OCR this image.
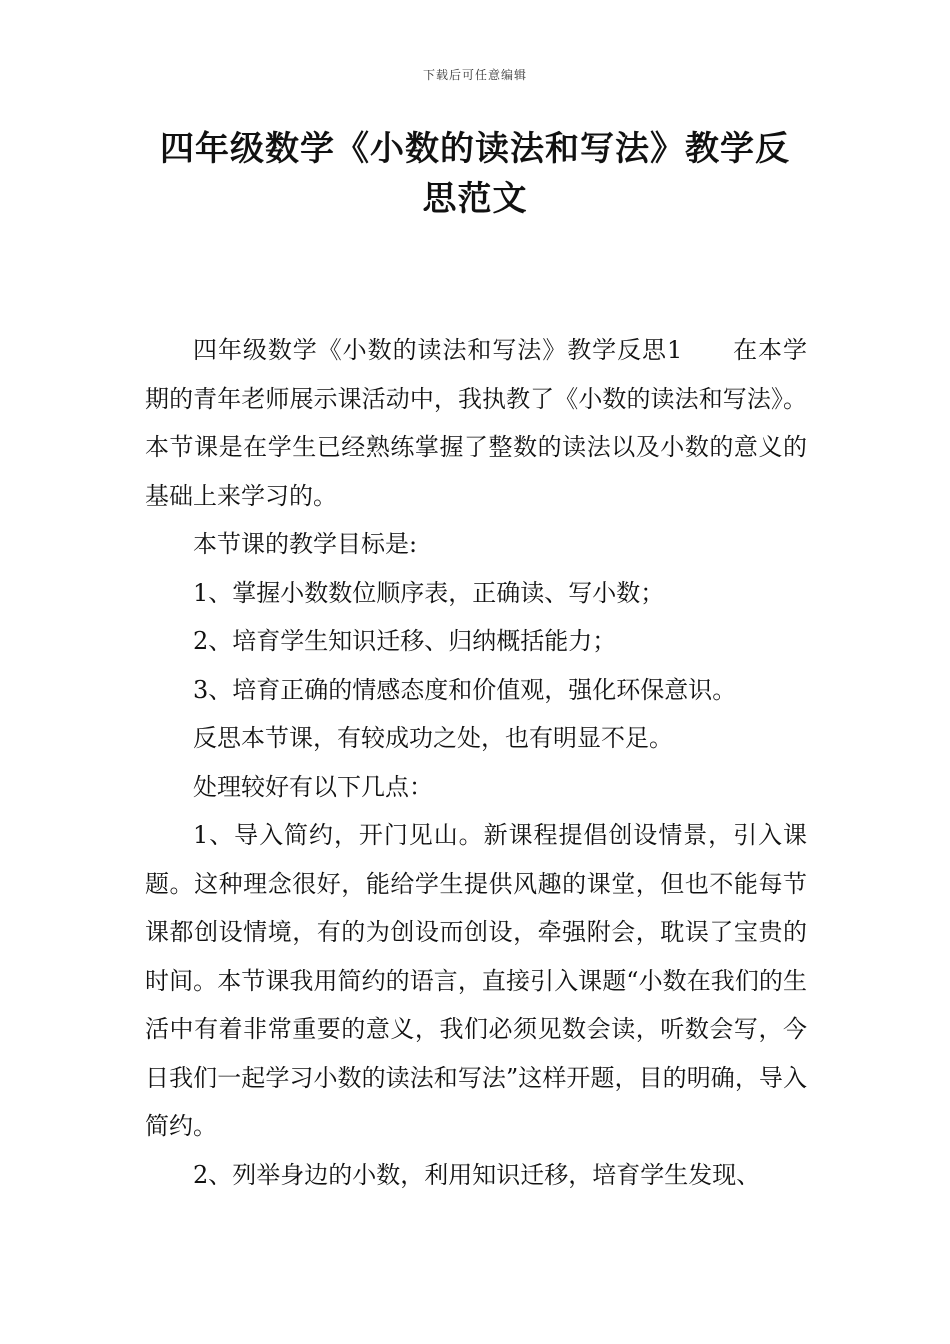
下载后可任意编辑
四年级数学《小数的读法和写法》教学反思范文

四年级数学《小数的读法和写法》教学反思1　　在本学期的青年老师展示课活动中，我执教了《小数的读法和写法》。本节课是在学生已经熟练掌握了整数的读法以及小数的意义的基础上来学习的。

本节课的教学目标是:

1、掌握小数数位顺序表，正确读、写小数；

2、培育学生知识迁移、归纳概括能力；

3、培育正确的情感态度和价值观，强化环保意识。

反思本节课，有较成功之处，也有明显不足。

处理较好有以下几点：

1、导入简约，开门见山。新课程提倡创设情景，引入课题。这种理念很好，能给学生提供风趣的课堂，但也不能每节课都创设情境，有的为创设而创设，牵强附会，耽误了宝贵的时间。本节课我用简约的语言，直接引入课题“小数在我们的生活中有着非常重要的意义，我们必须见数会读，听数会写，今日我们一起学习小数的读法和写法”这样开题，目的明确，导入简约。

2、列举身边的小数，利用知识迁移，培育学生发现、
